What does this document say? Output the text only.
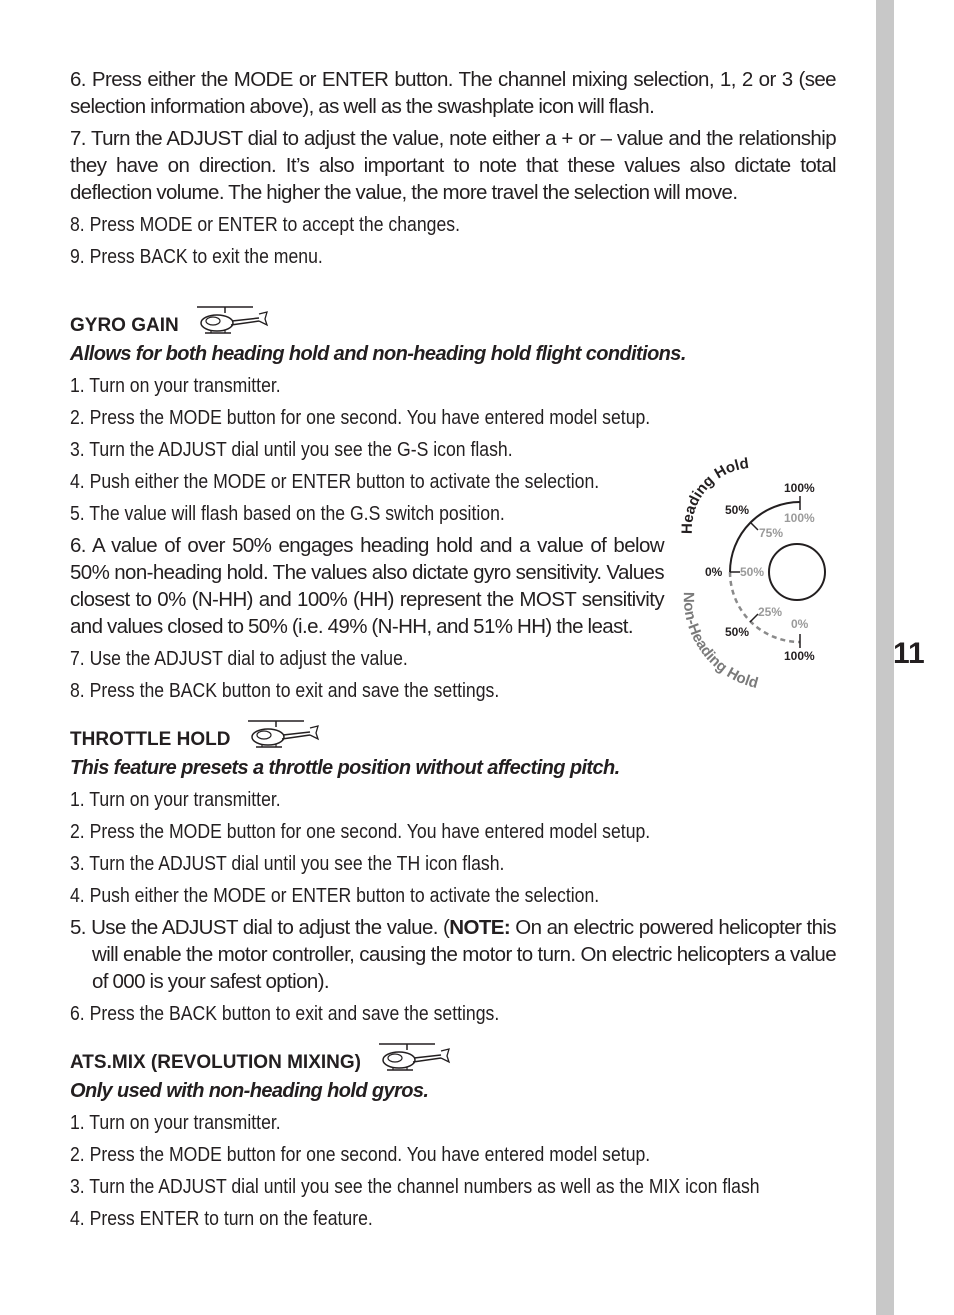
11

6. Press either the MODE or ENTER button. The channel mixing selection, 1, 2 or 3 (see selection information above), as well as the swashplate icon will flash.

7. Turn the ADJUST dial to adjust the value, note either a + or – value and the relationship they have on direction. It’s also important to note that these values also dictate total deflection volume. The higher the value, the more travel the selection will move.

8. Press MODE or ENTER to accept the changes.

9. Press BACK to exit the menu.

GYRO GAIN

Allows for both heading hold and non-heading hold flight conditions.

1. Turn on your transmitter.

2. Press the MODE button for one second. You have entered model setup.

3. Turn the ADJUST dial until you see the G-S icon flash.

4. Push either the MODE or ENTER button to activate the selection.

5. The value will flash based on the G.S switch position.

6. A value of over 50% engages heading hold and a value of below 50% non-heading hold. The values also dictate gyro sensitivity. Values closest to 0% (N-HH) and 100% (HH) represent the MOST sensitivity and values closed to 50% (i.e. 49% (N-HH, and 51% HH) the least.

7. Use the ADJUST dial to adjust the value.

8. Press the BACK button to exit and save the settings.

THROTTLE HOLD

This feature presets a throttle position without affecting pitch.

1. Turn on your transmitter.

2. Press the MODE button for one second. You have entered model setup.

3. Turn the ADJUST dial until you see the TH icon flash.

4. Push either the MODE or ENTER button to activate the selection.

5. Use the ADJUST dial to adjust the value. (NOTE: On an electric powered helicopter this will enable the motor controller, causing the motor to turn. On electric helicopters a value of 000 is your safest option).

6. Press the BACK button to exit and save the settings.

ATS.MIX (REVOLUTION MIXING)

Only used with non-heading hold gyros.

1. Turn on your transmitter.

2. Press the MODE button for one second. You have entered model setup.

3. Turn the ADJUST dial until you see the channel numbers as well as the MIX icon flash

4. Press ENTER to turn on the feature.

Heading Hold
Non-Heading Hold
100%
50%
0%
50%
100%
100%
75%
50%
25%
0%
